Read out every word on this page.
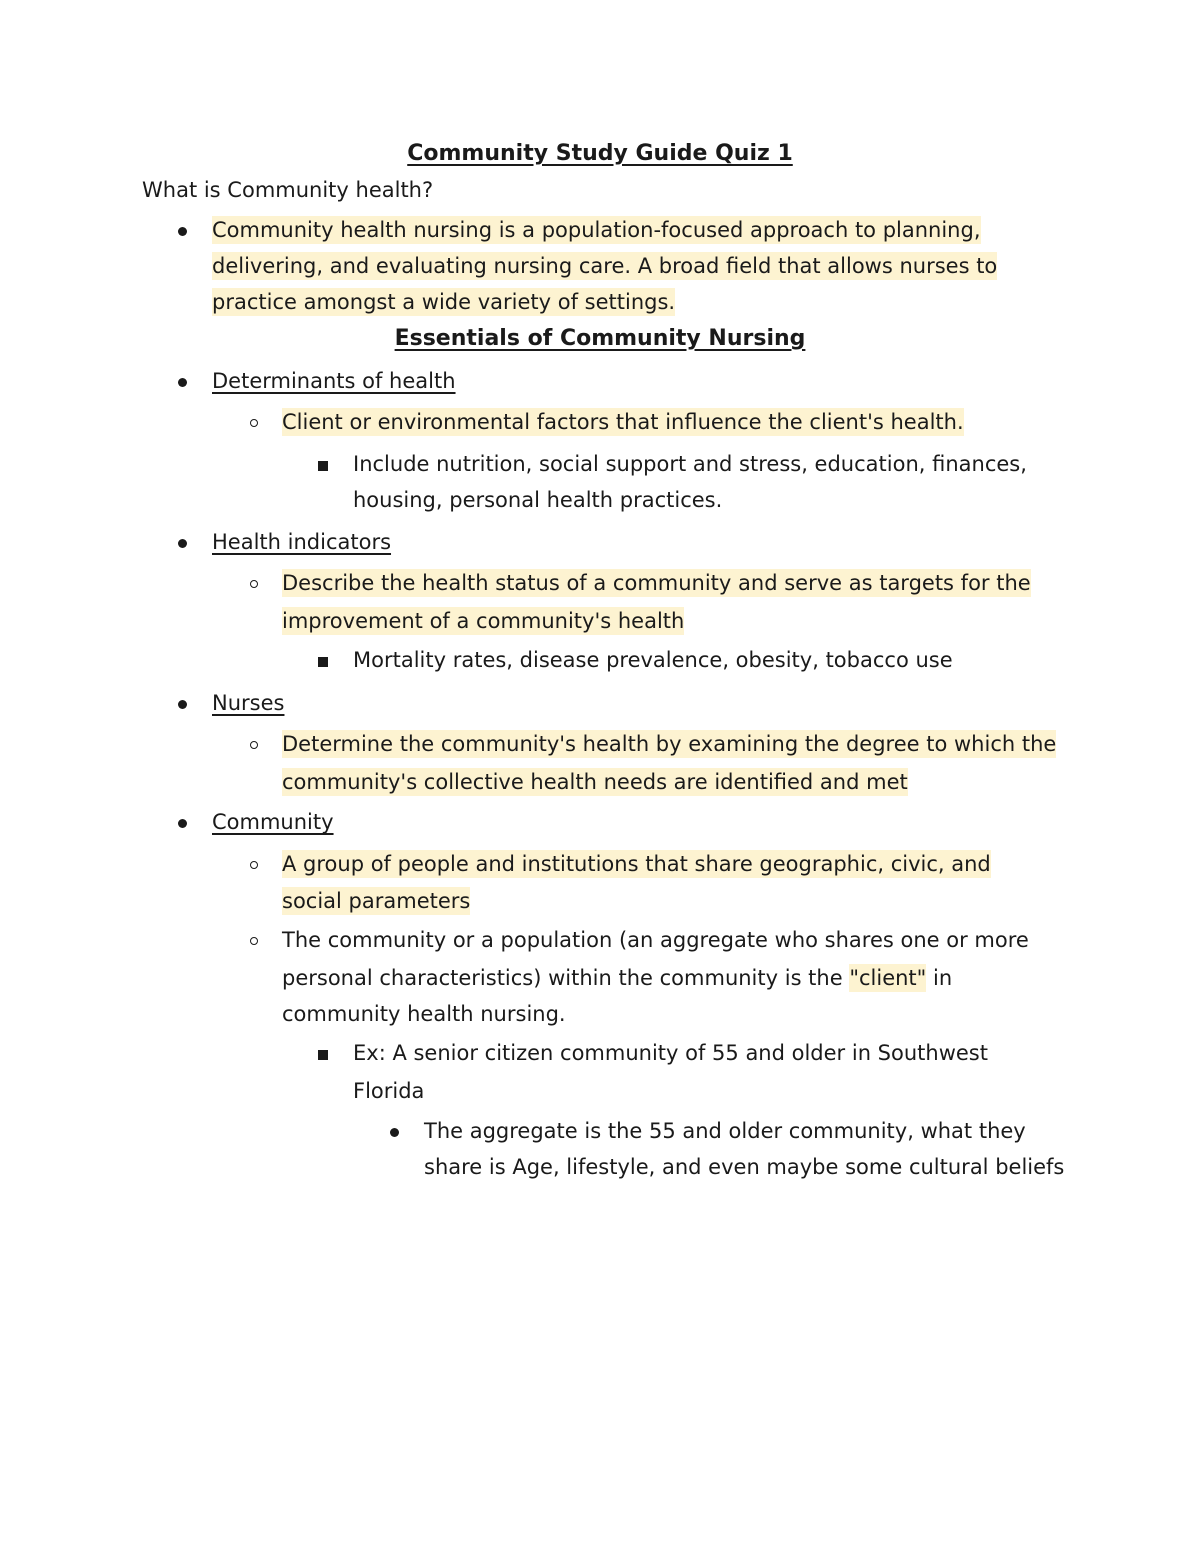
Community Study Guide Quiz 1
What is Community health?
Community health nursing is a population-focused approach to planning,
delivering, and evaluating nursing care. A broad field that allows nurses to
practice amongst a wide variety of settings.
Essentials of Community Nursing
Determinants of health
Client or environmental factors that influence the client's health.
Include nutrition, social support and stress, education, finances,
housing, personal health practices.
Health indicators
Describe the health status of a community and serve as targets for the
improvement of a community's health
Mortality rates, disease prevalence, obesity, tobacco use
Nurses
Determine the community's health by examining the degree to which the
community's collective health needs are identified and met
Community
A group of people and institutions that share geographic, civic, and
social parameters
The community or a population (an aggregate who shares one or more
personal characteristics) within the community is the "client" in
community health nursing.
Ex: A senior citizen community of 55 and older in Southwest
Florida
The aggregate is the 55 and older community, what they
share is Age, lifestyle, and even maybe some cultural beliefs
